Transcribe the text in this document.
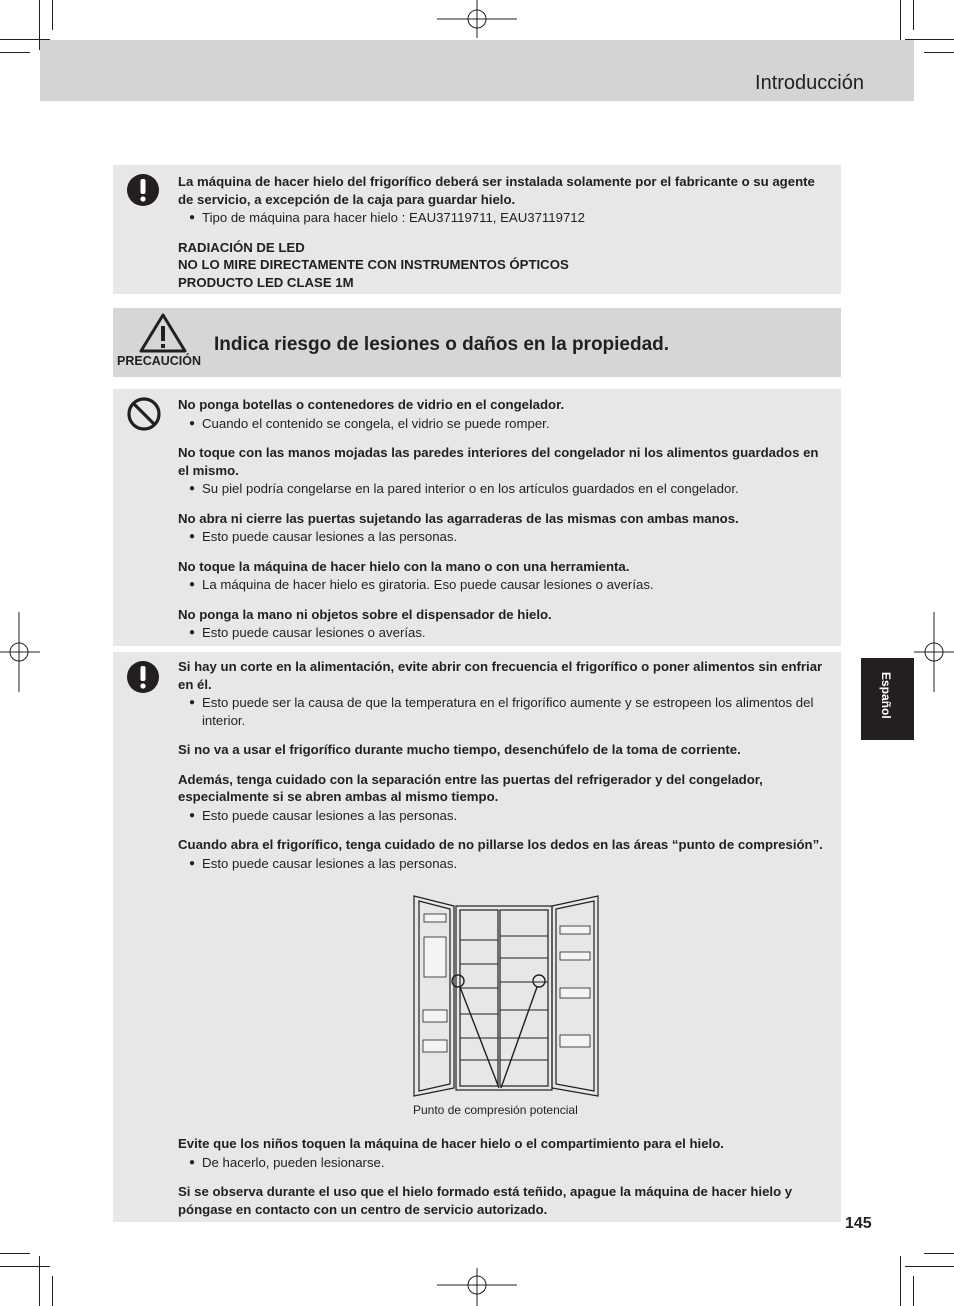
Introducción
Español

La máquina de hacer hielo del frigorífico deberá ser instalada solamente por el fabricante o su agente de servicio, a excepción de la caja para guardar hielo.

● Tipo de máquina para hacer hielo : EAU37119711, EAU37119712

RADIACIÓN DE LED

NO LO MIRE DIRECTAMENTE CON INSTRUMENTOS ÓPTICOS

PRODUCTO LED CLASE 1M

PRECAUCIÓN
Indica riesgo de lesiones o daños en la propiedad.

No ponga botellas o contenedores de vidrio en el congelador.

● Cuando el contenido se congela, el vidrio se puede romper.

No toque con las manos mojadas las paredes interiores del congelador ni los alimentos guardados en el mismo.

● Su piel podría congelarse en la pared interior o en los artículos guardados en el congelador.

No abra ni cierre las puertas sujetando las agarraderas de las mismas con ambas manos.

● Esto puede causar lesiones a las personas.

No toque la máquina de hacer hielo con la mano o con una herramienta.

● La máquina de hacer hielo es giratoria. Eso puede causar lesiones o averías.

No ponga la mano ni objetos sobre el dispensador de hielo.

● Esto puede causar lesiones o averías.

Si hay un corte en la alimentación, evite abrir con frecuencia el frigorífico o poner alimentos sin enfriar en él.

● Esto puede ser la causa de que la temperatura en el frigorífico aumente y se estropeen los alimentos del interior.

Si no va a usar el frigorífico durante mucho tiempo, desenchúfelo de la toma de corriente.

Además, tenga cuidado con la separación entre las puertas del refrigerador y del congelador, especialmente si se abren ambas al mismo tiempo.

● Esto puede causar lesiones a las personas.

Cuando abra el frigorífico, tenga cuidado de no pillarse los dedos en las áreas “punto de compresión”.

● Esto puede causar lesiones a las personas.

Punto de compresión potencial

Evite que los niños toquen la máquina de hacer hielo o el compartimiento para el hielo.

● De hacerlo, pueden lesionarse.

Si se observa durante el uso que el hielo formado está teñido, apague la máquina de hacer hielo y póngase en contacto con un centro de servicio autorizado.

145
